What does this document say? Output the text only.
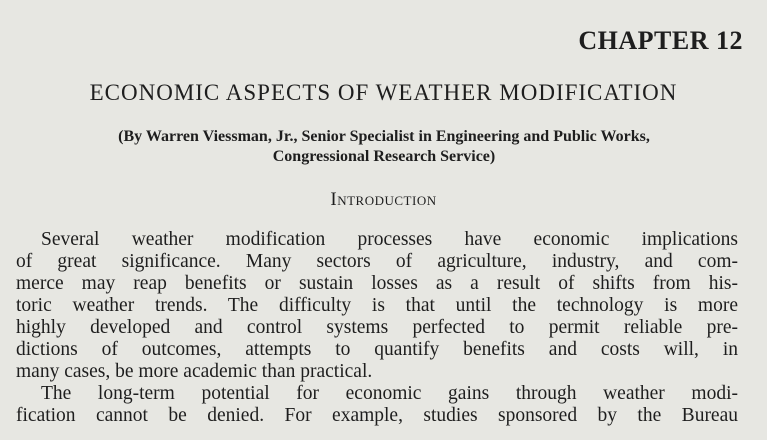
CHAPTER 12
ECONOMIC ASPECTS OF WEATHER MODIFICATION
(By Warren Viessman, Jr., Senior Specialist in Engineering and Public Works,
Congressional Research Service)
Introduction
Several weather modification processes have economic implications
of great significance. Many sectors of agriculture, industry, and com-
merce may reap benefits or sustain losses as a result of shifts from his-
toric weather trends. The difficulty is that until the technology is more
highly developed and control systems perfected to permit reliable pre-
dictions of outcomes, attempts to quantify benefits and costs will, in
many cases, be more academic than practical.
The long-term potential for economic gains through weather modi-
fication cannot be denied. For example, studies sponsored by the Bureau
